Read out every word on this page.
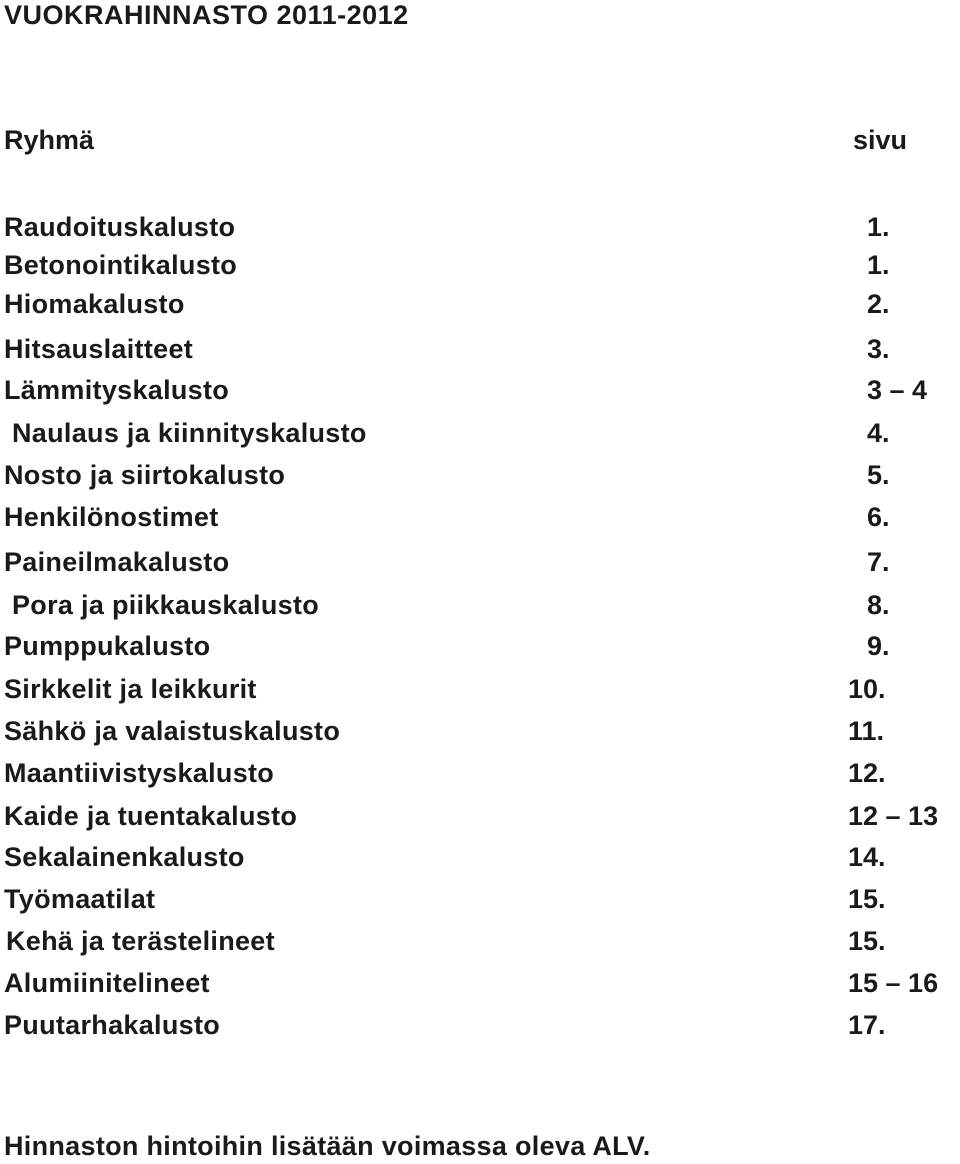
VUOKRAHINNASTO 2011-2012
Ryhmä	sivu
Raudoituskalusto	1.
Betonointikalusto	1.
Hiomakalusto	2.
Hitsauslaitteet	3.
Lämmityskalusto	3 – 4
Naulaus ja kiinnityskalusto	4.
Nosto ja siirtokalusto	5.
Henkilönostimet	6.
Paineilmakalusto	7.
Pora ja piikkauskalusto	8.
Pumppukalusto	9.
Sirkkelit ja leikkurit	10.
Sähkö ja valaistuskalusto	11.
Maantiivistyskalusto	12.
Kaide ja tuentakalusto	12 – 13
Sekalainenkalusto	14.
Työmaatilat	15.
Kehä ja terästelineet	15.
Alumiinitelineet	15 – 16
Puutarhakalusto	17.
Hinnaston hintoihin lisätään voimassa oleva ALV.
